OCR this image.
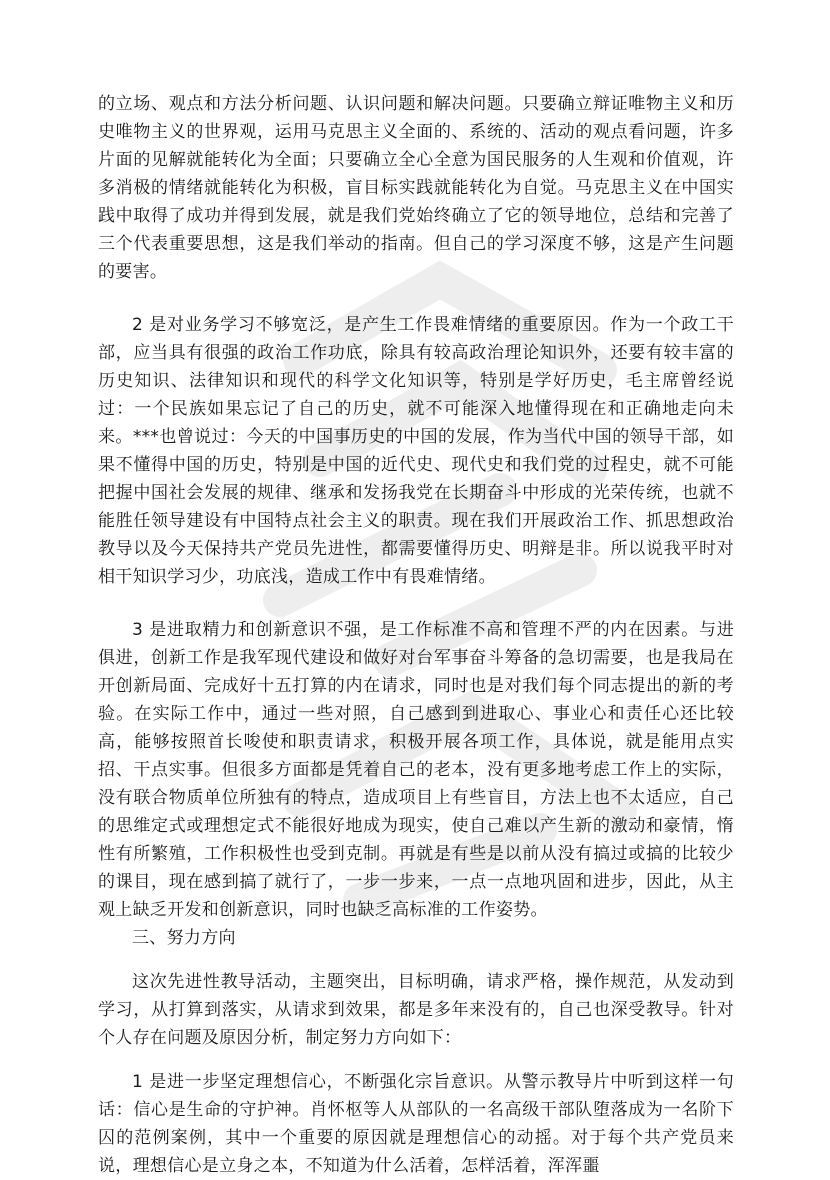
的立场、观点和方法分析问题、认识问题和解决问题。只要确立辩证唯物主义和历史唯物主义的世界观，运用马克思主义全面的、系统的、活动的观点看问题，许多片面的见解就能转化为全面；只要确立全心全意为国民服务的人生观和价值观，许多消极的情绪就能转化为积极，盲目标实践就能转化为自觉。马克思主义在中国实践中取得了成功并得到发展，就是我们党始终确立了它的领导地位，总结和完善了三个代表重要思想，这是我们举动的指南。但自己的学习深度不够，这是产生问题的要害。

2 是对业务学习不够宽泛，是产生工作畏难情绪的重要原因。作为一个政工干部，应当具有很强的政治工作功底，除具有较高政治理论知识外，还要有较丰富的历史知识、法律知识和现代的科学文化知识等，特别是学好历史，毛主席曾经说过：一个民族如果忘记了自己的历史，就不可能深入地懂得现在和正确地走向未来。***也曾说过：今天的中国事历史的中国的发展，作为当代中国的领导干部，如果不懂得中国的历史，特别是中国的近代史、现代史和我们党的过程史，就不可能把握中国社会发展的规律、继承和发扬我党在长期奋斗中形成的光荣传统，也就不能胜任领导建设有中国特点社会主义的职责。现在我们开展政治工作、抓思想政治教导以及今天保持共产党员先进性，都需要懂得历史、明辩是非。所以说我平时对相干知识学习少，功底浅，造成工作中有畏难情绪。

3 是进取精力和创新意识不强，是工作标准不高和管理不严的内在因素。与进俱进，创新工作是我军现代建设和做好对台军事奋斗筹备的急切需要，也是我局在开创新局面、完成好十五打算的内在请求，同时也是对我们每个同志提出的新的考验。在实际工作中，通过一些对照，自己感到到进取心、事业心和责任心还比较高，能够按照首长唆使和职责请求，积极开展各项工作，具体说，就是能用点实招、干点实事。但很多方面都是凭着自己的老本，没有更多地考虑工作上的实际，没有联合物质单位所独有的特点，造成项目上有些盲目，方法上也不太适应，自己的思维定式或理想定式不能很好地成为现实，使自己难以产生新的激动和豪情，惰性有所繁殖，工作积极性也受到克制。再就是有些是以前从没有搞过或搞的比较少的课目，现在感到搞了就行了，一步一步来，一点一点地巩固和进步，因此，从主观上缺乏开发和创新意识，同时也缺乏高标准的工作姿势。

三、努力方向

这次先进性教导活动，主题突出，目标明确，请求严格，操作规范，从发动到学习，从打算到落实，从请求到效果，都是多年来没有的，自己也深受教导。针对个人存在问题及原因分析，制定努力方向如下：

1 是进一步坚定理想信心，不断强化宗旨意识。从警示教导片中听到这样一句话：信心是生命的守护神。肖怀枢等人从部队的一名高级干部队堕落成为一名阶下囚的范例案例，其中一个重要的原因就是理想信心的动摇。对于每个共产党员来说，理想信心是立身之本，不知道为什么活着，怎样活着，浑浑噩
